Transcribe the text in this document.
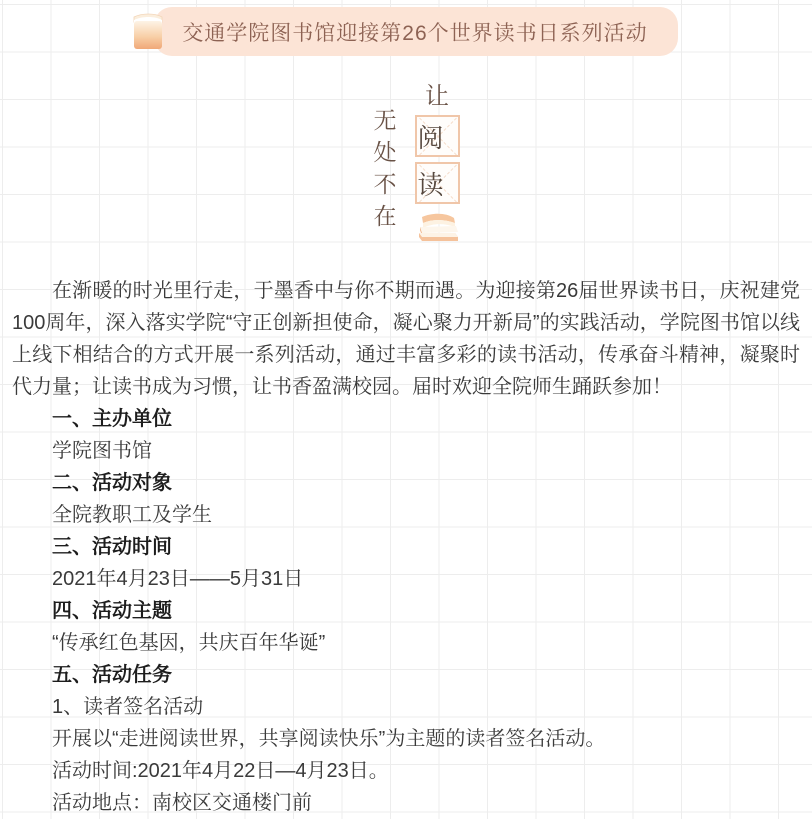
交通学院图书馆迎接第26个世界读书日系列活动
无
处
不
在
让
阅
读

在渐暖的时光里行走，于墨香中与你不期而遇。为迎接第26届世界读书日，庆祝建党100周年，深入落实学院“守正创新担使命，凝心聚力开新局”的实践活动，学院图书馆以线上线下相结合的方式开展一系列活动，通过丰富多彩的读书活动，传承奋斗精神，凝聚时代力量；让读书成为习惯，让书香盈满校园。届时欢迎全院师生踊跃参加！

一、主办单位

学院图书馆

二、活动对象

全院教职工及学生

三、活动时间

2021年4月23日——5月31日

四、活动主题

“传承红色基因，共庆百年华诞”

五、活动任务

1、读者签名活动

开展以“走进阅读世界，共享阅读快乐”为主题的读者签名活动。

活动时间:2021年4月22日—4月23日。

活动地点：南校区交通楼门前
